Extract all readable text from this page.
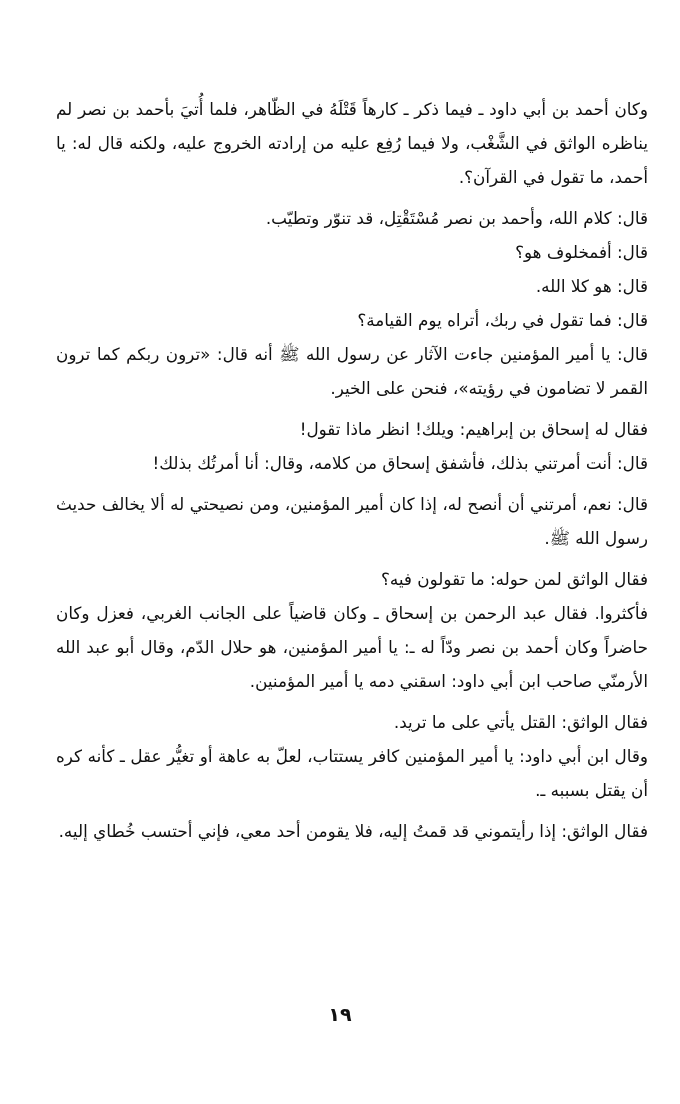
وكان أحمد بن أبي داود ـ فيما ذكر ـ كارهاً قَتْلَهُ في الظّاهر، فلما أُتيَ بأحمد بن نصر لم يناظره الواثق في الشَّغْب، ولا فيما رُفِع عليه من إرادته الخروج عليه، ولكنه قال له: يا أحمد، ما تقول في القرآن؟.

قال: كلام الله، وأحمد بن نصر مُسْتَقْتِل، قد تنوّر وتطيّب.

قال: أفمخلوف هو؟

قال: هو كلا الله.

قال: فما تقول في ربك، أتراه يوم القيامة؟

قال: يا أمير المؤمنين جاءت الآثار عن رسول الله ﷺ أنه قال: «ترون ربكم كما ترون القمر لا تضامون في رؤيته»، فنحن على الخير.

فقال له إسحاق بن إبراهيم: ويلك! انظر ماذا تقول!

قال: أنت أمرتني بذلك، فأشفق إسحاق من كلامه، وقال: أنا أمرتُك بذلك!

قال: نعم، أمرتني أن أنصح له، إذا كان أمير المؤمنين، ومن نصيحتي له ألا يخالف حديث رسول الله ﷺ.

فقال الواثق لمن حوله: ما تقولون فيه؟

فأكثروا. فقال عبد الرحمن بن إسحاق ـ وكان قاضياً على الجانب الغربي، فعزل وكان حاضراً وكان أحمد بن نصر ودّاً له ـ: يا أمير المؤمنين، هو حلال الدّم، وقال أبو عبد الله الأرمنّي صاحب ابن أبي داود: اسقني دمه يا أمير المؤمنين.

فقال الواثق: القتل يأتي على ما تريد.

وقال ابن أبي داود: يا أمير المؤمنين كافر يستتاب، لعلّ به عاهة أو تغيُّر عقل ـ كأنه كره أن يقتل بسببه ـ.

فقال الواثق: إذا رأيتموني قد قمتُ إليه، فلا يقومن أحد معي، فإني أحتسب خُطاي إليه.

١٩
